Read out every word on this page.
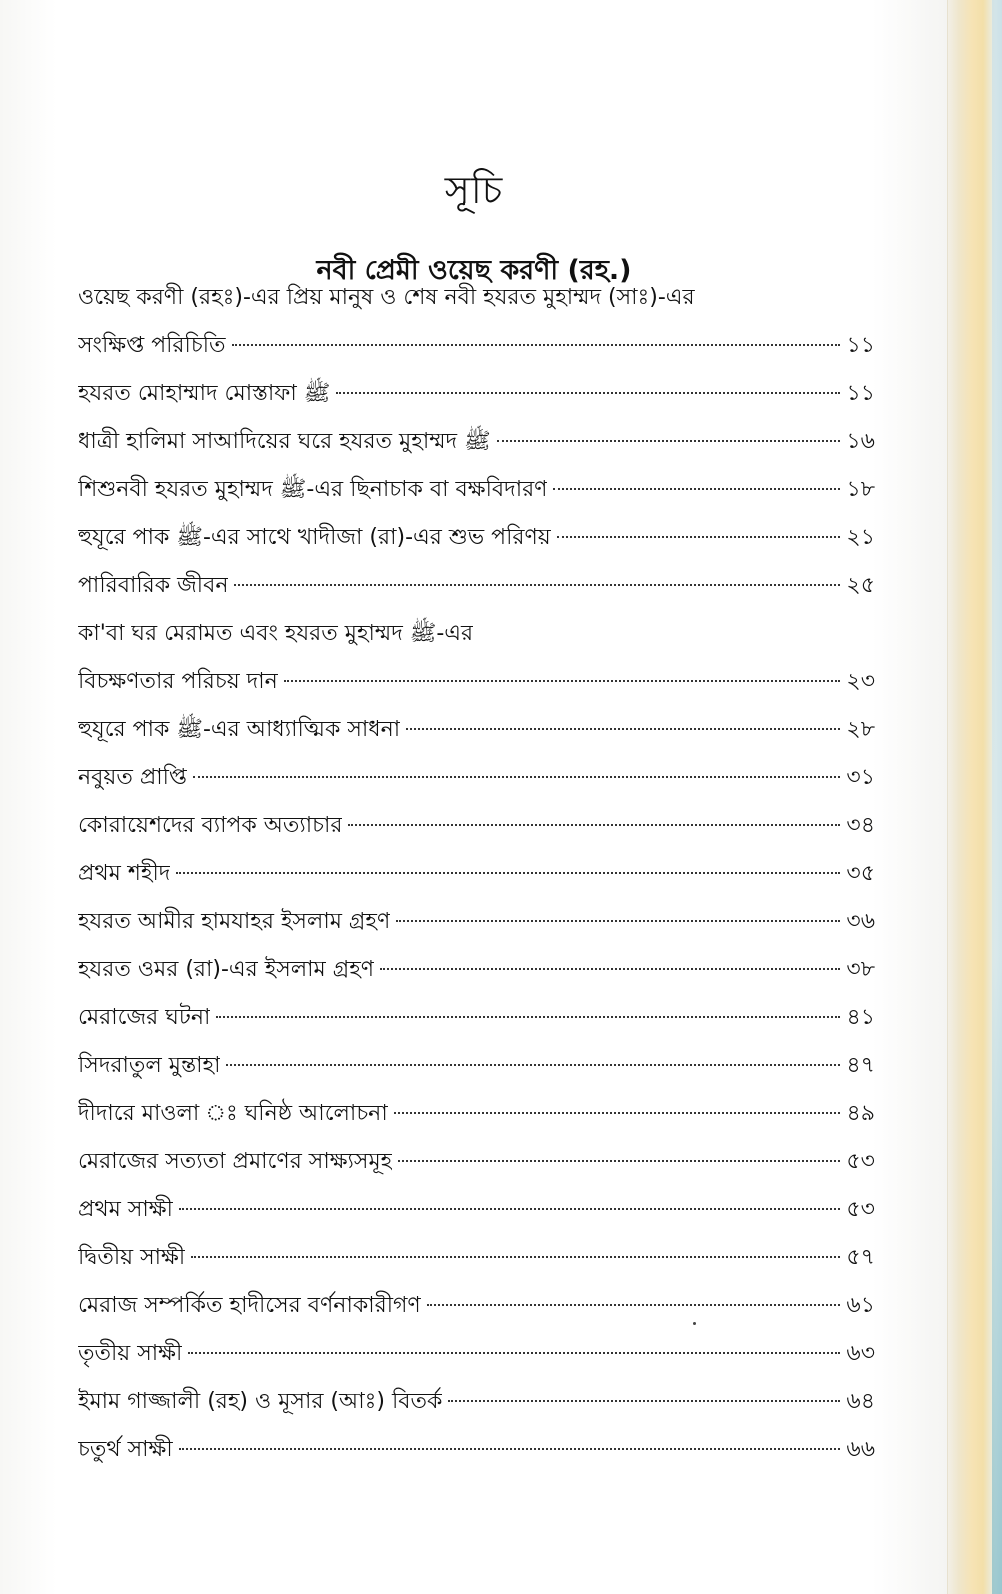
সূচি
নবী প্রেমী ওয়েছ করণী (রহ.)
ওয়েছ করণী (রহঃ)-এর প্রিয় মানুষ ও শেষ নবী হযরত মুহাম্মদ (সাঃ)-এর
সংক্ষিপ্ত পরিচিতি	১১
হযরত মোহাম্মাদ মোস্তাফা ﷺ	১১
ধাত্রী হালিমা সাআদিয়ের ঘরে হযরত মুহাম্মদ ﷺ	১৬
শিশুনবী হযরত মুহাম্মদ ﷺ-এর ছিনাচাক বা বক্ষবিদারণ	১৮
হুযূরে পাক ﷺ-এর সাথে খাদীজা (রা)-এর শুভ পরিণয়	২১
পারিবারিক জীবন	২৫
কা'বা ঘর মেরামত এবং হযরত মুহাম্মদ ﷺ-এর
বিচক্ষণতার পরিচয় দান	২৩
হুযূরে পাক ﷺ-এর আধ্যাত্মিক সাধনা	২৮
নবুয়ত প্রাপ্তি	৩১
কোরায়েশদের ব্যাপক অত্যাচার	৩৪
প্রথম শহীদ	৩৫
হযরত আমীর হামযাহর ইসলাম গ্রহণ	৩৬
হযরত ওমর (রা)-এর ইসলাম গ্রহণ	৩৮
মেরাজের ঘটনা	৪১
সিদরাতুল মুন্তাহা	৪৭
দীদারে মাওলা ঃ ঘনিষ্ঠ আলোচনা	৪৯
মেরাজের সত্যতা প্রমাণের সাক্ষ্যসমূহ	৫৩
প্রথম সাক্ষী	৫৩
দ্বিতীয় সাক্ষী	৫৭
মেরাজ সম্পর্কিত হাদীসের বর্ণনাকারীগণ	৬১
তৃতীয় সাক্ষী	৬৩
ইমাম গাজ্জালী (রহ) ও মূসার (আঃ) বিতর্ক	৬৪
চতুর্থ সাক্ষী	৬৬
